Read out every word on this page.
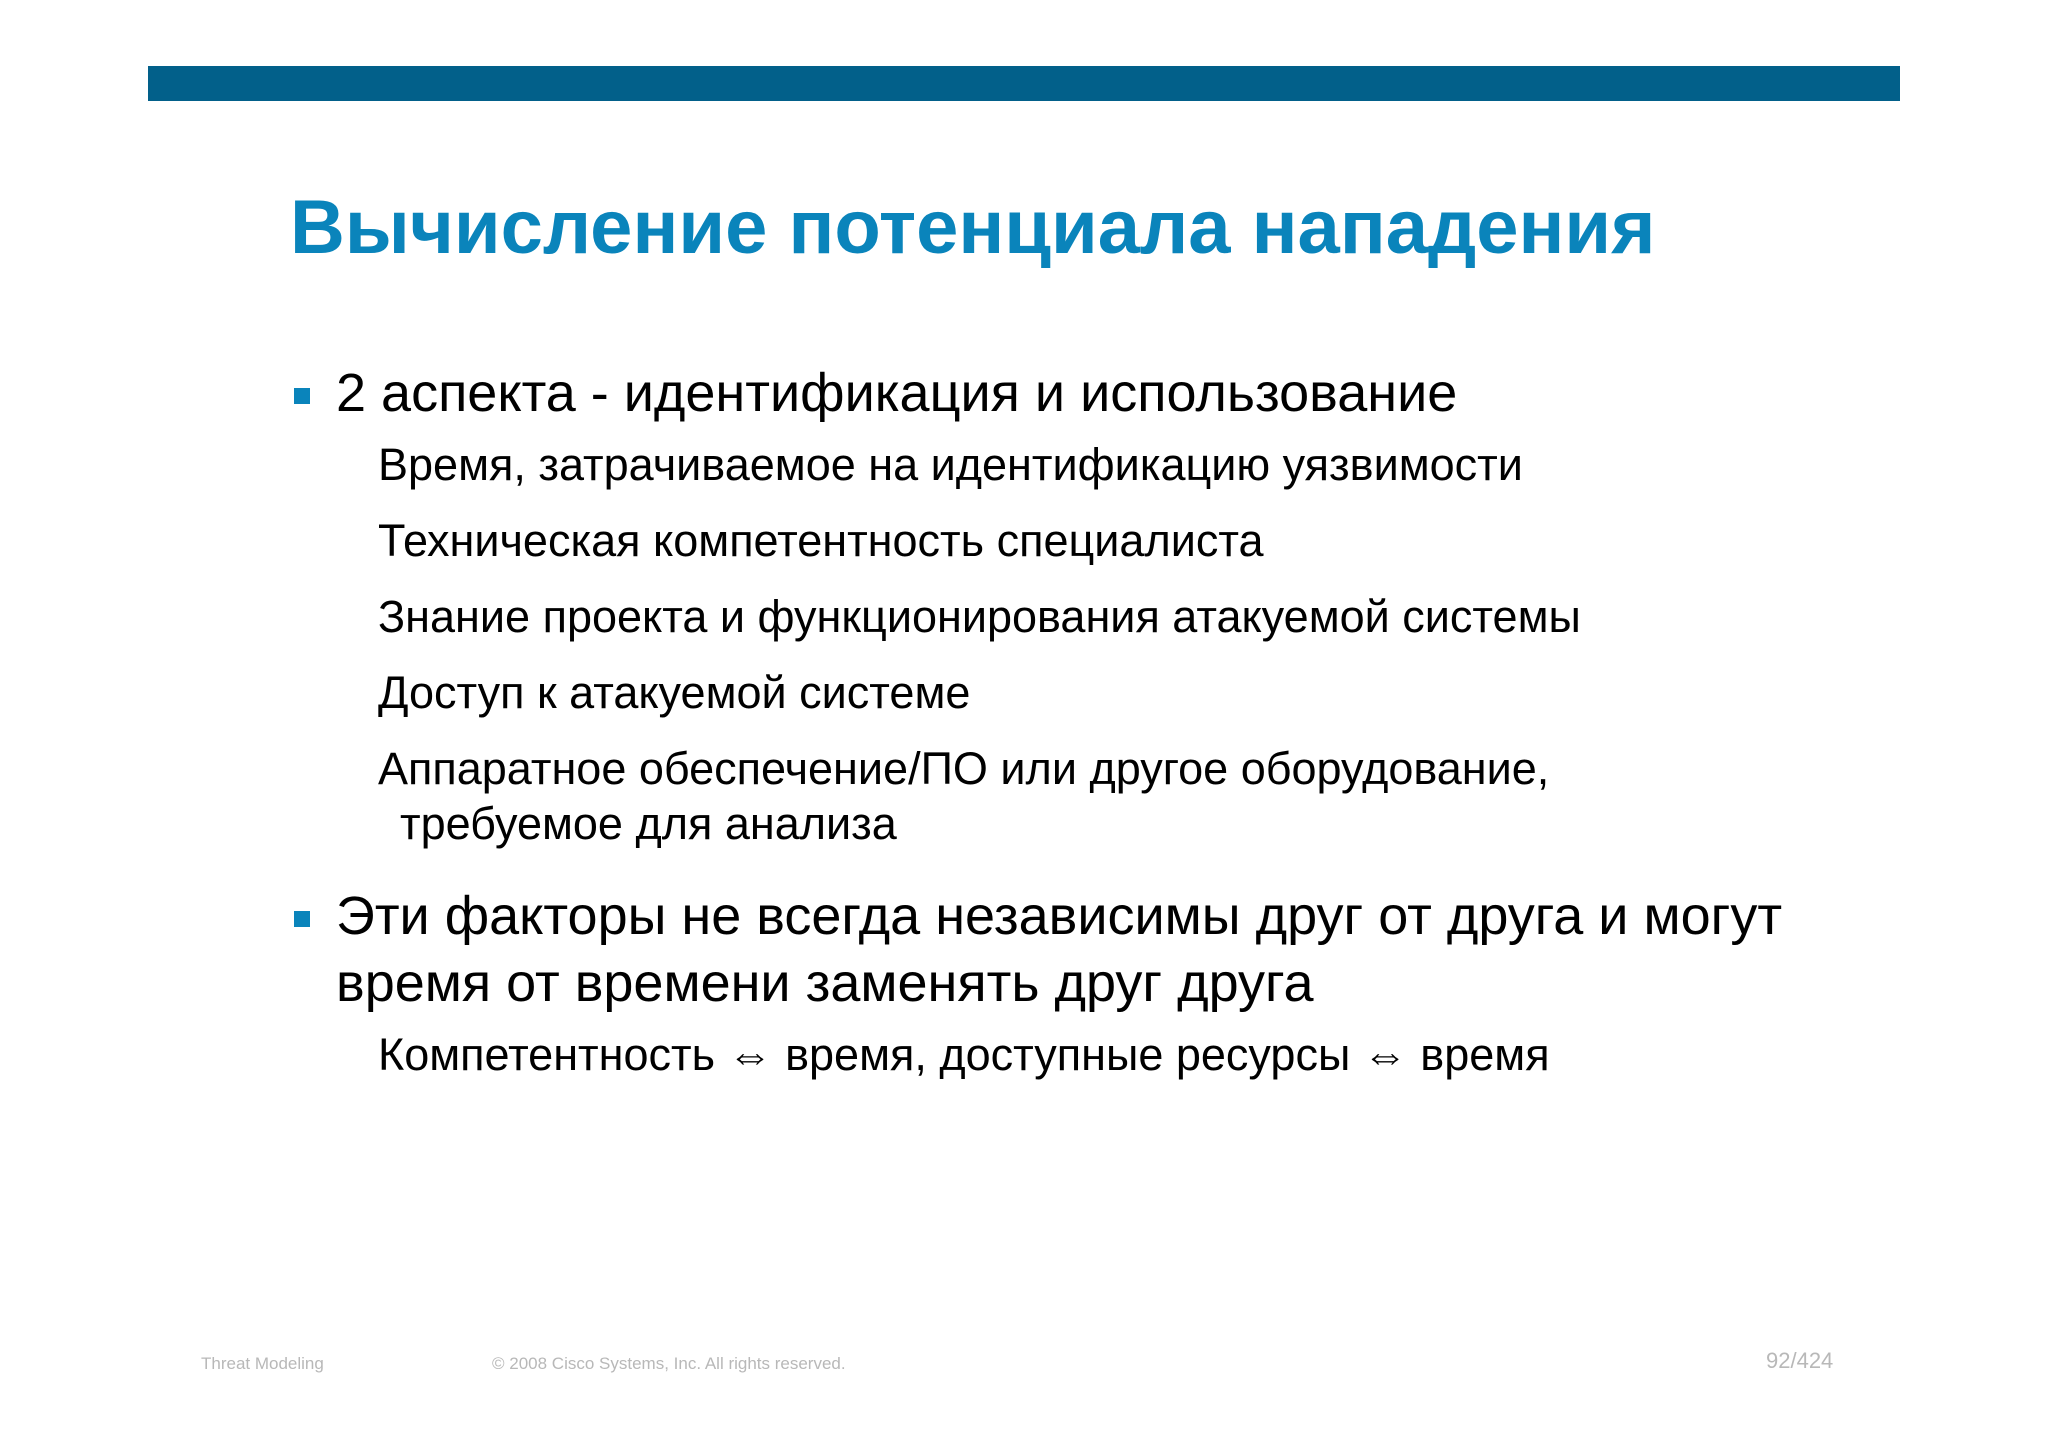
Вычисление потенциала нападения
2 аспекта - идентификация и использование
Время, затрачиваемое на идентификацию уязвимости
Техническая компетентность специалиста
Знание проекта и функционирования атакуемой системы
Доступ к атакуемой системе
Аппаратное обеспечение/ПО или другое оборудование, требуемое для анализа
Эти факторы не всегда независимы друг от друга и могут время от времени заменять друг друга
Компетентность ⇔ время, доступные ресурсы ⇔ время
Threat Modeling	© 2008 Cisco Systems, Inc. All rights reserved.	92/424
